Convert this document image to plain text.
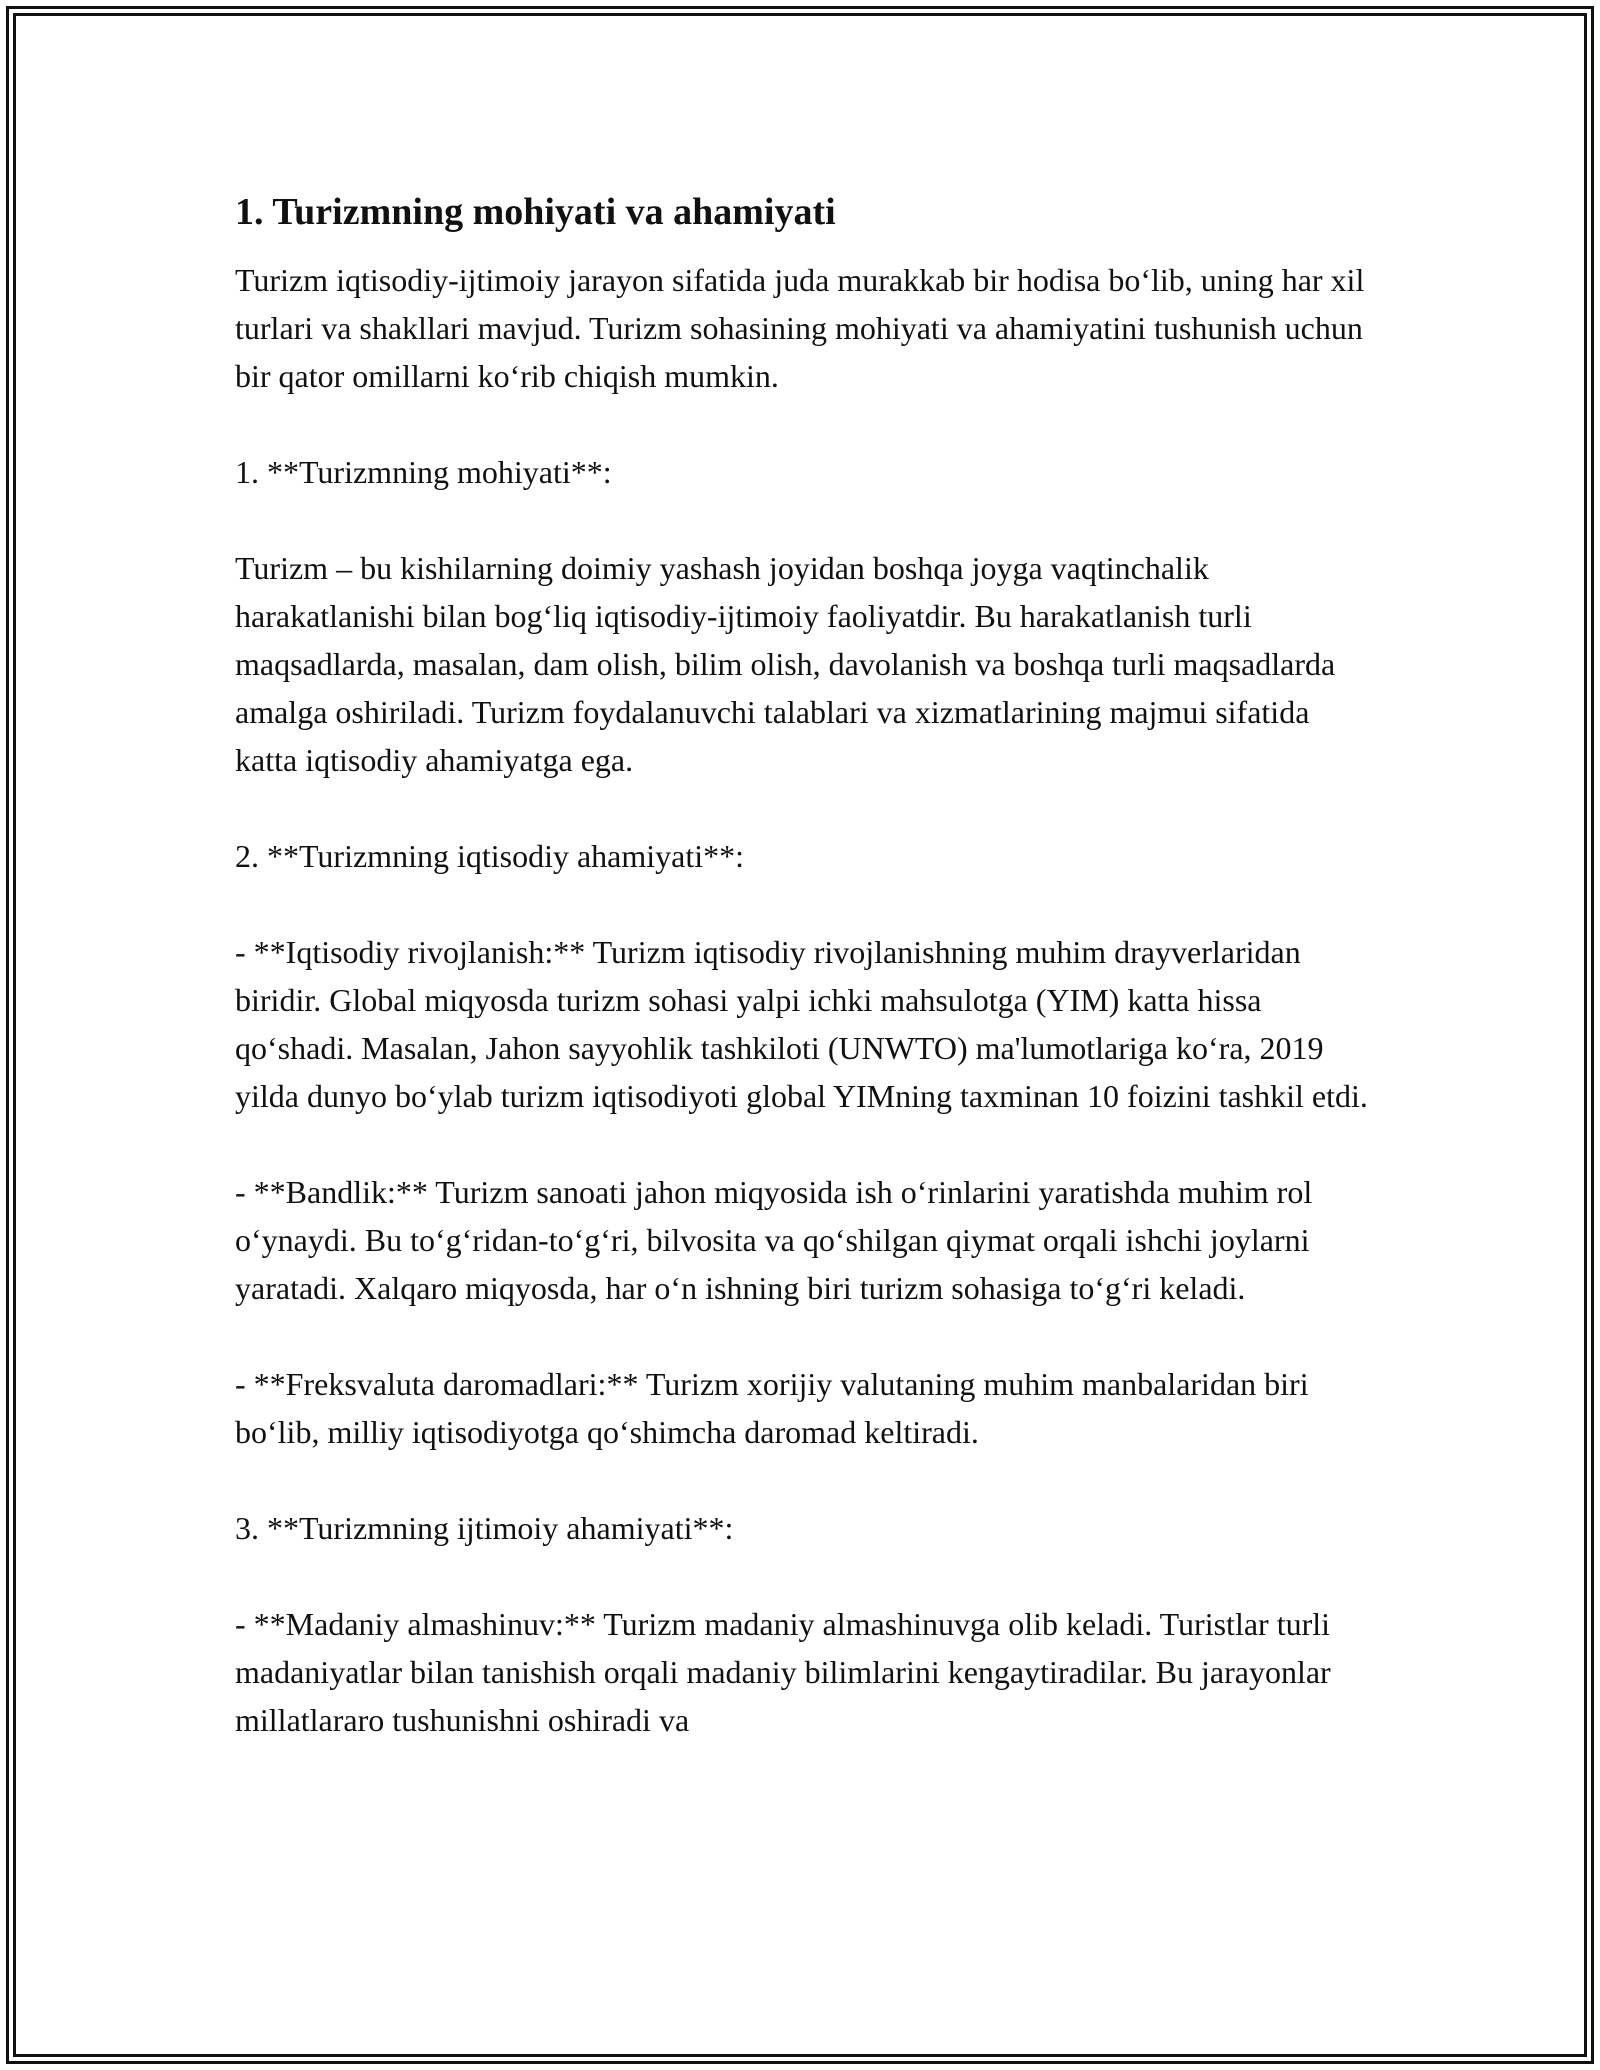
1. Turizmning mohiyati va ahamiyati

Turizm iqtisodiy-ijtimoiy jarayon sifatida juda murakkab bir hodisa bo‘lib, uning har xil turlari va shakllari mavjud. Turizm sohasining mohiyati va ahamiyatini tushunish uchun bir qator omillarni ko‘rib chiqish mumkin.

1. **Turizmning mohiyati**:

Turizm – bu kishilarning doimiy yashash joyidan boshqa joyga vaqtinchalik harakatlanishi bilan bog‘liq iqtisodiy-ijtimoiy faoliyatdir. Bu harakatlanish turli maqsadlarda, masalan, dam olish, bilim olish, davolanish va boshqa turli maqsadlarda amalga oshiriladi. Turizm foydalanuvchi talablari va xizmatlarining majmui sifatida katta iqtisodiy ahamiyatga ega.

2. **Turizmning iqtisodiy ahamiyati**:

- **Iqtisodiy rivojlanish:** Turizm iqtisodiy rivojlanishning muhim drayverlaridan biridir. Global miqyosda turizm sohasi yalpi ichki mahsulotga (YIM) katta hissa qo‘shadi. Masalan, Jahon sayyohlik tashkiloti (UNWTO) ma'lumotlariga ko‘ra, 2019 yilda dunyo bo‘ylab turizm iqtisodiyoti global YIMning taxminan 10 foizini tashkil etdi.

- **Bandlik:** Turizm sanoati jahon miqyosida ish o‘rinlarini yaratishda muhim rol o‘ynaydi. Bu to‘g‘ridan-to‘g‘ri, bilvosita va qo‘shilgan qiymat orqali ishchi joylarni yaratadi. Xalqaro miqyosda, har o‘n ishning biri turizm sohasiga to‘g‘ri keladi.

- **Freksvaluta daromadlari:** Turizm xorijiy valutaning muhim manbalaridan biri bo‘lib, milliy iqtisodiyotga qo‘shimcha daromad keltiradi.

3. **Turizmning ijtimoiy ahamiyati**:

- **Madaniy almashinuv:** Turizm madaniy almashinuvga olib keladi. Turistlar turli madaniyatlar bilan tanishish orqali madaniy bilimlarini kengaytiradilar. Bu jarayonlar millatlararo tushunishni oshiradi va
